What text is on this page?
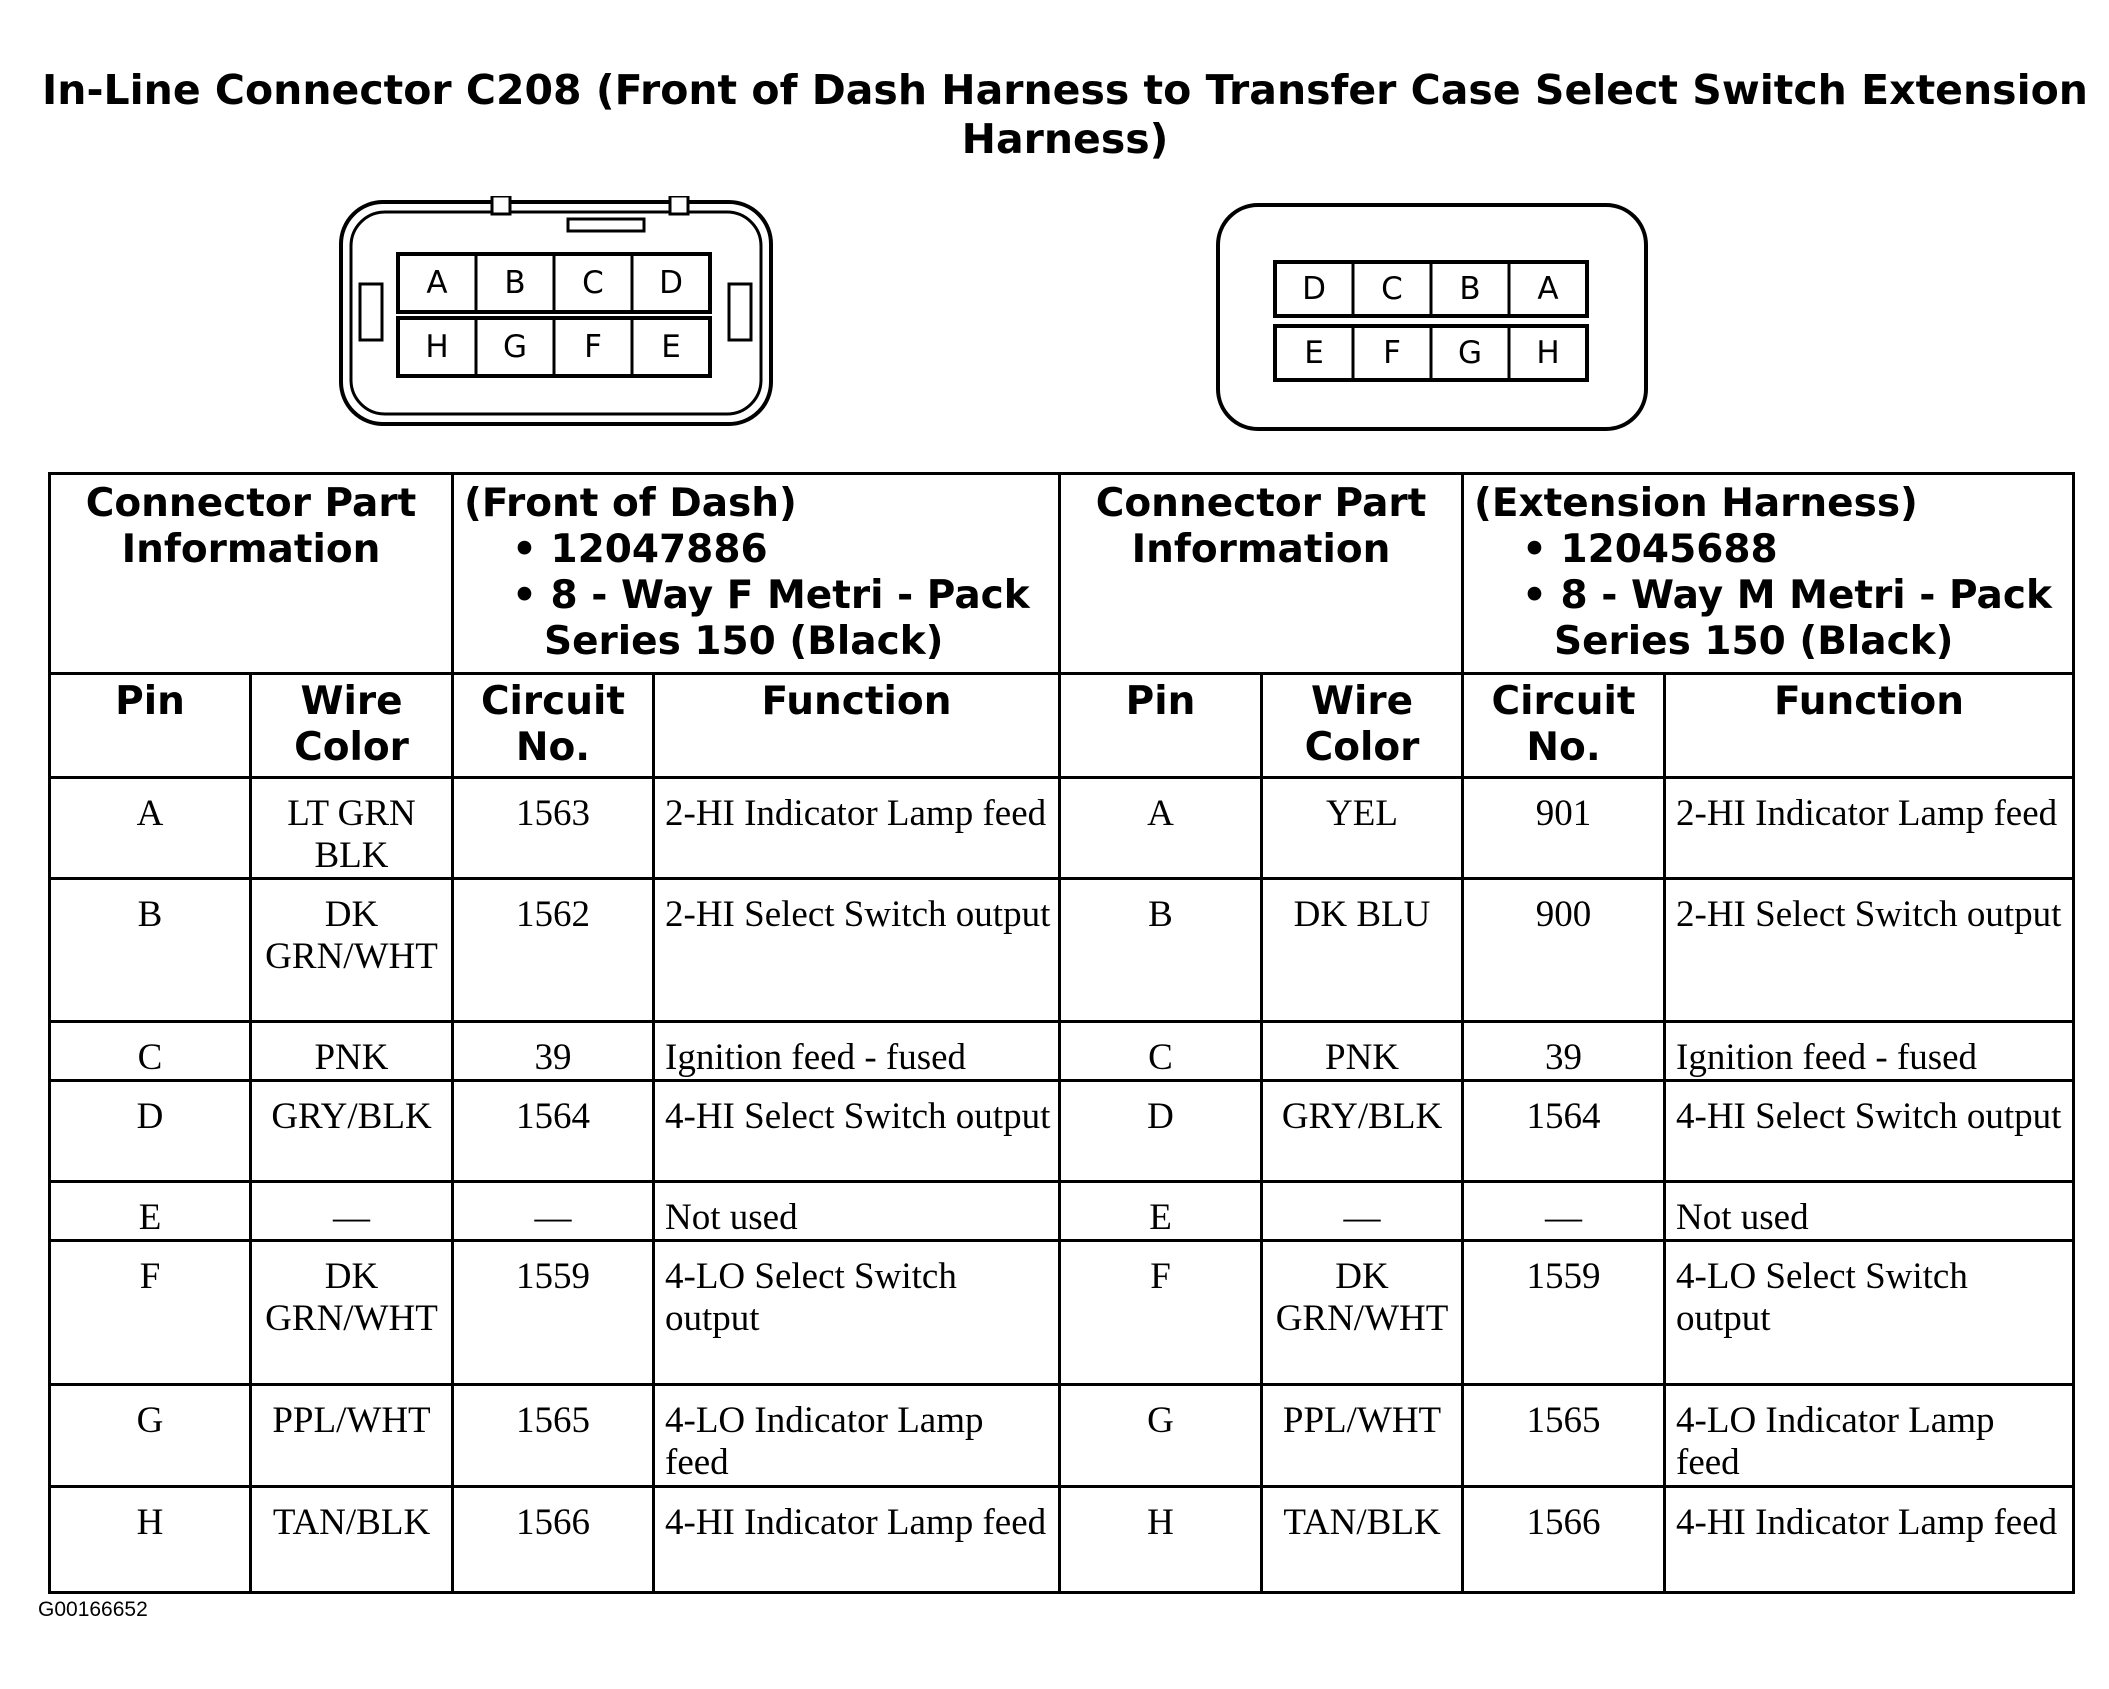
In-Line Connector C208 (Front of Dash Harness to Transfer Case Select Switch Extension Harness)
A	B	C	D
H	G	F	E
D	C	B	A
E	F	G	H
Connector Part Information		(Front of Dash)
• 12047886
• 8 - Way F Metri - Pack
Series 150 (Black)		Connector Part Information		(Extension Harness)
• 12045688
• 8 - Way M Metri - Pack
Series 150 (Black)	

Pin	Wire Color	Circuit No.	Function	Pin	Wire Color	Circuit No.	Function
A	LT GRN BLK	1563	2-HI Indicator Lamp feed	A	YEL	901	2-HI Indicator Lamp feed
B	DK GRN/WHT	1562	2-HI Select Switch output	B	DK BLU	900	2-HI Select Switch output
C	PNK	39	Ignition feed - fused	C	PNK	39	Ignition feed - fused
D	GRY/BLK	1564	4-HI Select Switch output	D	GRY/BLK	1564	4-HI Select Switch output
E	—	—	Not used	E	—	—	Not used
F	DK GRN/WHT	1559	4-LO Select Switch output	F	DK GRN/WHT	1559	4-LO Select Switch output
G	PPL/WHT	1565	4-LO Indicator Lamp feed	G	PPL/WHT	1565	4-LO Indicator Lamp feed
H	TAN/BLK	1566	4-HI Indicator Lamp feed	H	TAN/BLK	1566	4-HI Indicator Lamp feed
G00166652
